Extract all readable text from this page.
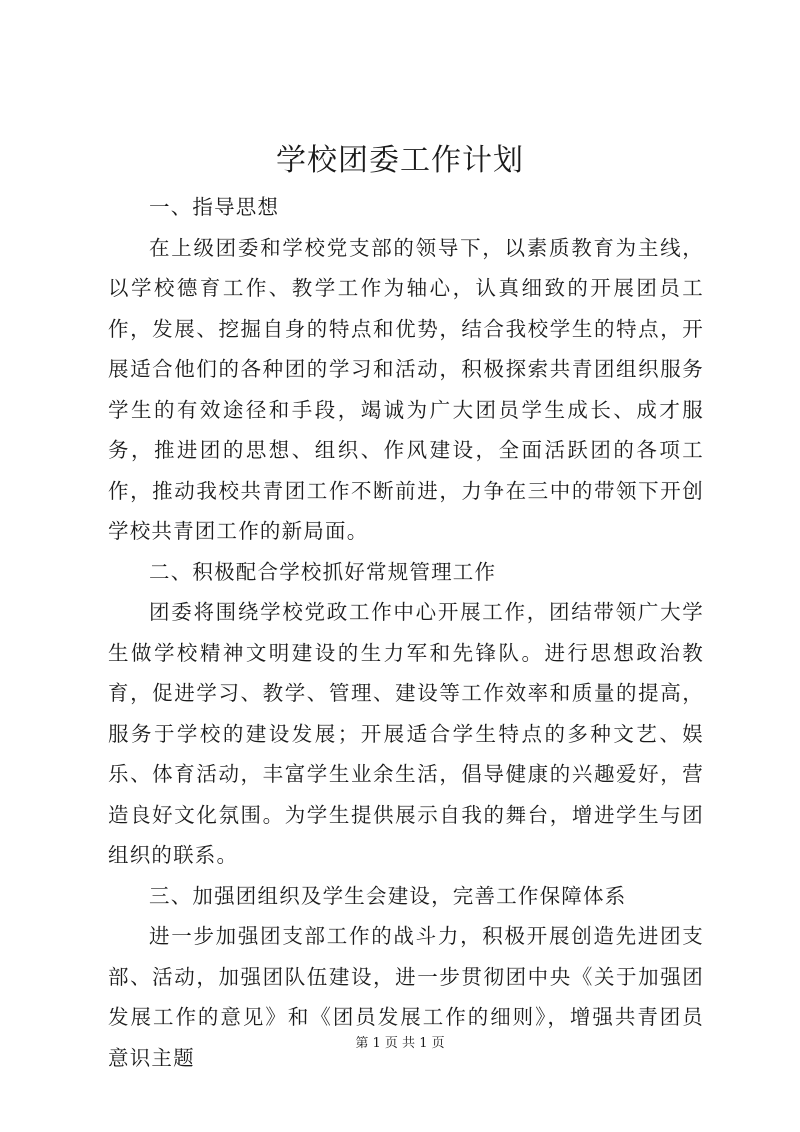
学校团委工作计划

一、指导思想

在上级团委和学校党支部的领导下，以素质教育为主线，以学校德育工作、教学工作为轴心，认真细致的开展团员工作，发展、挖掘自身的特点和优势，结合我校学生的特点，开展适合他们的各种团的学习和活动，积极探索共青团组织服务学生的有效途径和手段，竭诚为广大团员学生成长、成才服务，推进团的思想、组织、作风建设，全面活跃团的各项工作，推动我校共青团工作不断前进，力争在三中的带领下开创学校共青团工作的新局面。

二、积极配合学校抓好常规管理工作

团委将围绕学校党政工作中心开展工作，团结带领广大学生做学校精神文明建设的生力军和先锋队。进行思想政治教育，促进学习、教学、管理、建设等工作效率和质量的提高，服务于学校的建设发展；开展适合学生特点的多种文艺、娱乐、体育活动，丰富学生业余生活，倡导健康的兴趣爱好，营造良好文化氛围。为学生提供展示自我的舞台，增进学生与团组织的联系。

三、加强团组织及学生会建设，完善工作保障体系

进一步加强团支部工作的战斗力，积极开展创造先进团支部、活动，加强团队伍建设，进一步贯彻团中央《关于加强团发展工作的意见》和《团员发展工作的细则》，增强共青团员意识主题

第 1 页 共 1 页
